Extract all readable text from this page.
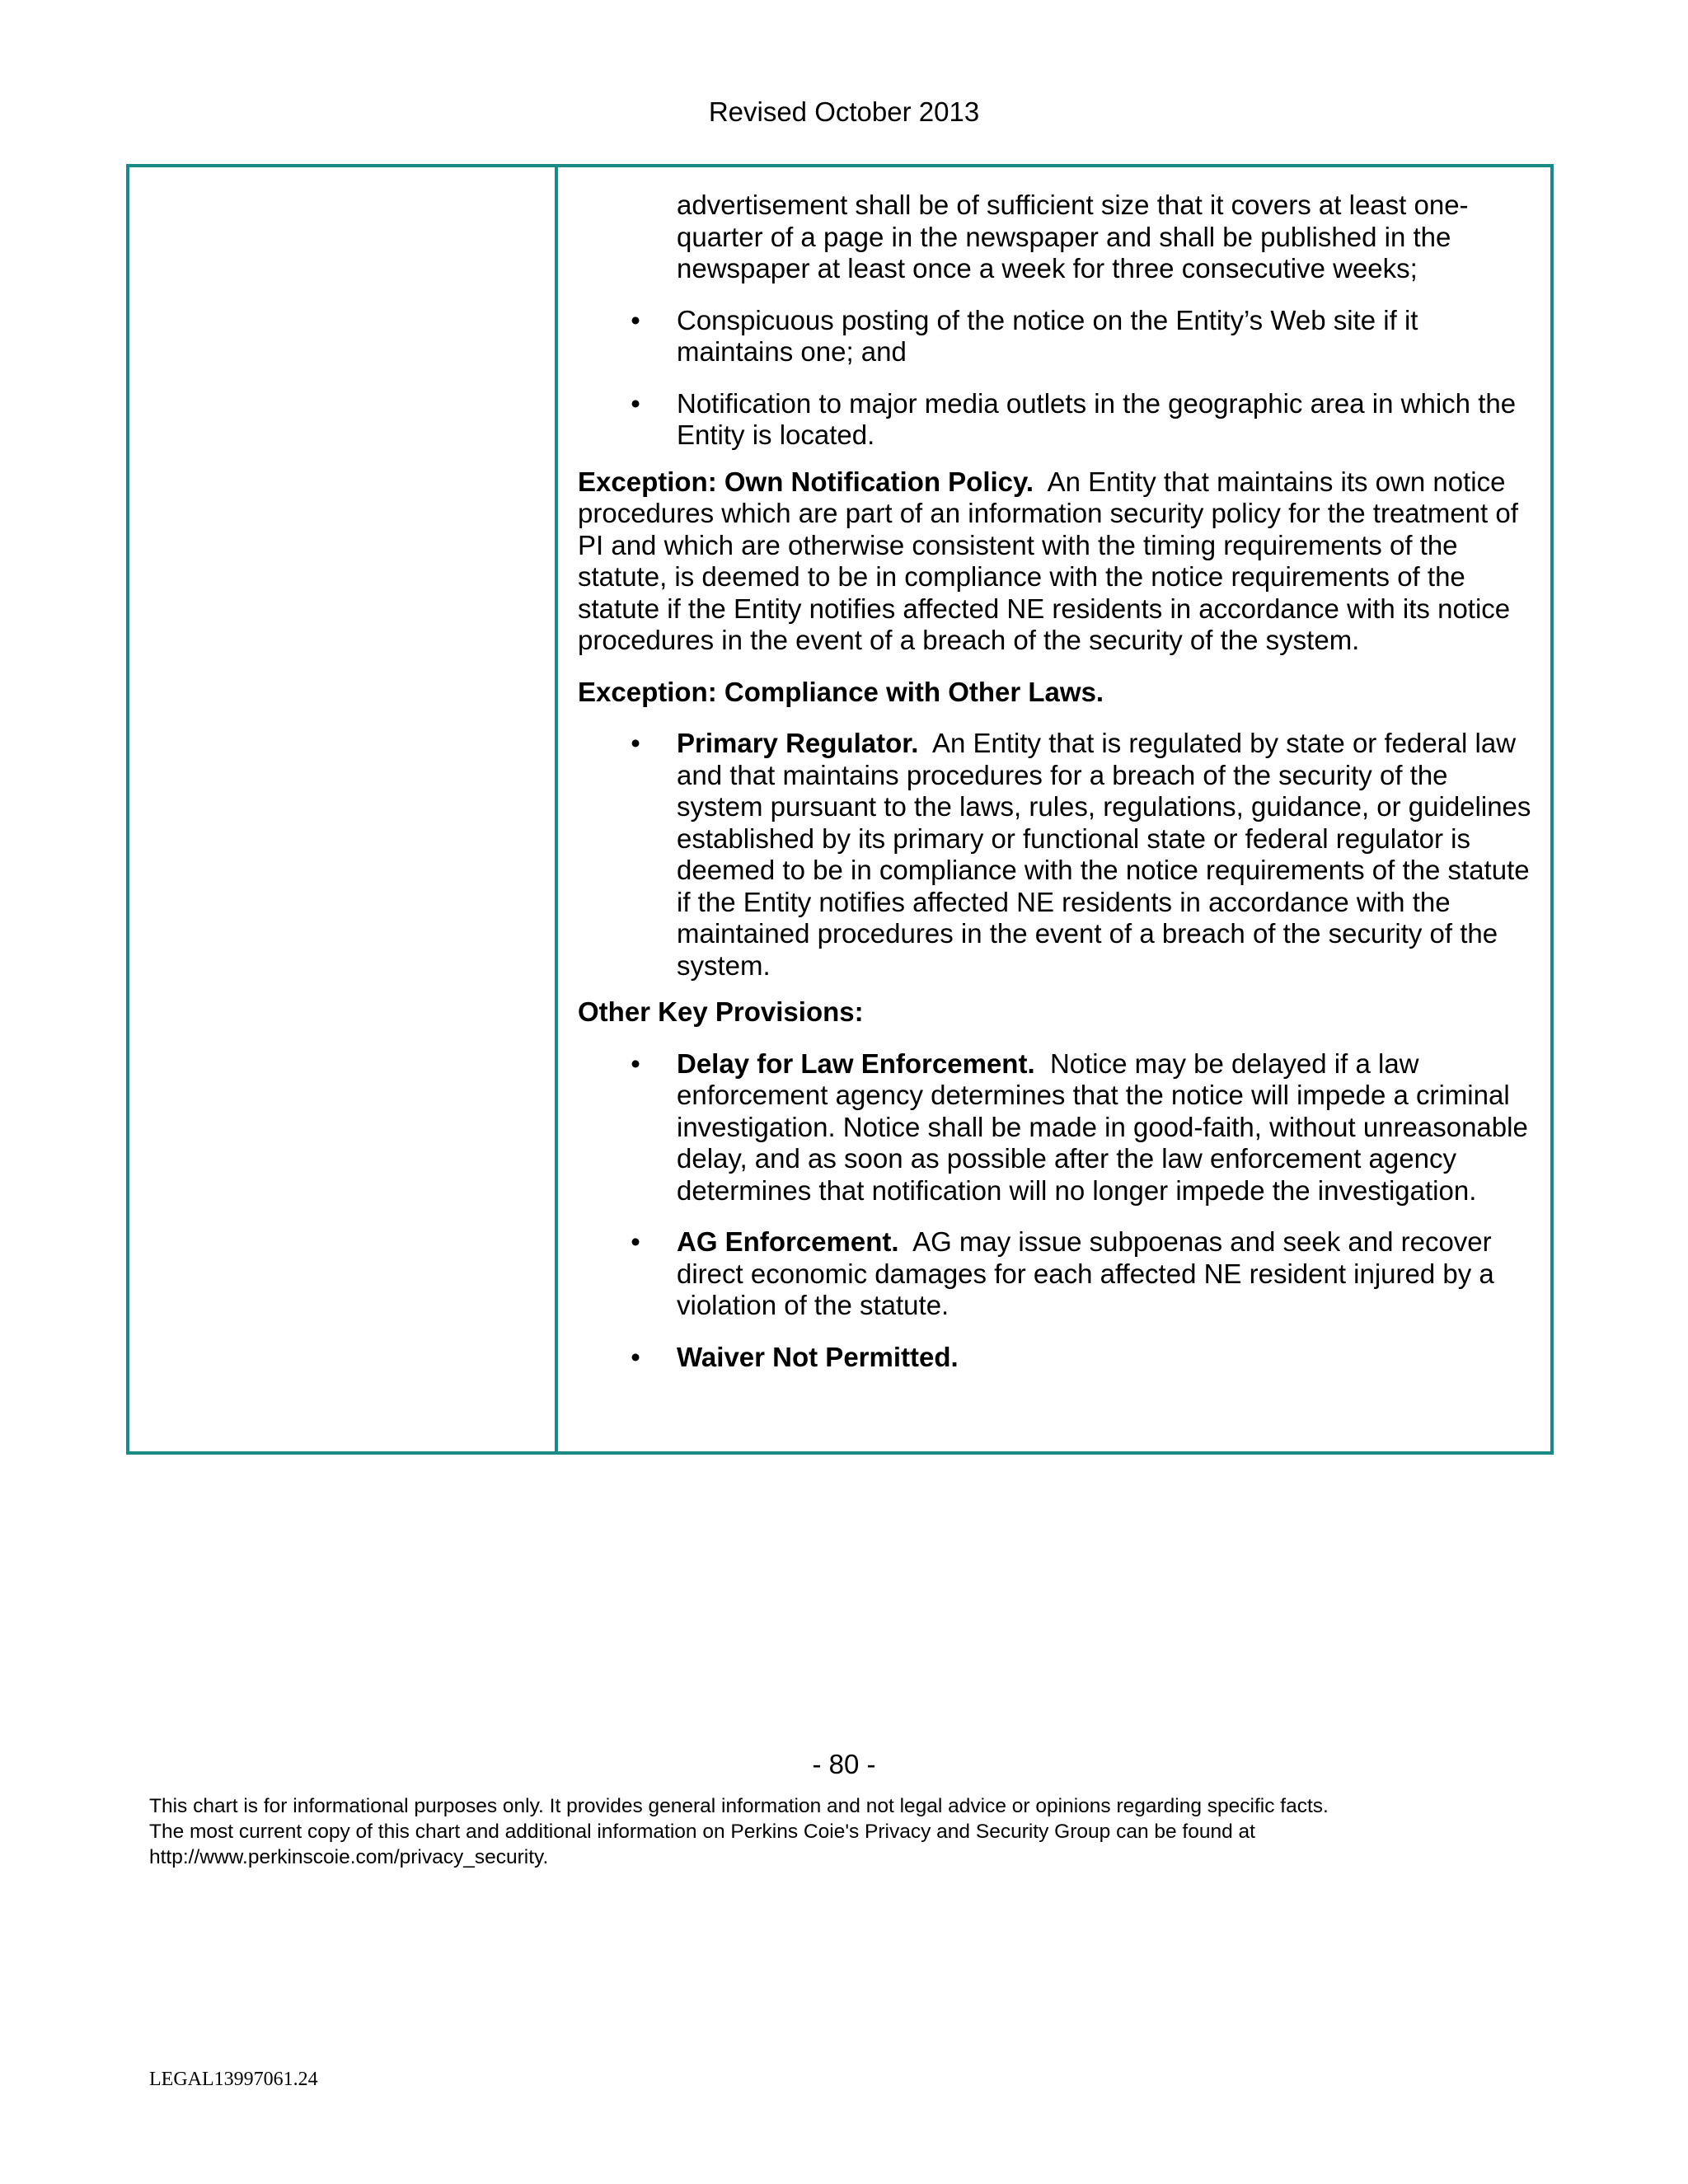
Revised October 2013

advertisement shall be of sufficient size that it covers at least one-quarter of a page in the newspaper and shall be published in the newspaper at least once a week for three consecutive weeks;

• Conspicuous posting of the notice on the Entity’s Web site if it maintains one; and
• Notification to major media outlets in the geographic area in which the Entity is located.

Exception: Own Notification Policy. An Entity that maintains its own notice procedures which are part of an information security policy for the treatment of PI and which are otherwise consistent with the timing requirements of the statute, is deemed to be in compliance with the notice requirements of the statute if the Entity notifies affected NE residents in accordance with its notice procedures in the event of a breach of the security of the system.

Exception: Compliance with Other Laws.

• Primary Regulator. An Entity that is regulated by state or federal law and that maintains procedures for a breach of the security of the system pursuant to the laws, rules, regulations, guidance, or guidelines established by its primary or functional state or federal regulator is deemed to be in compliance with the notice requirements of the statute if the Entity notifies affected NE residents in accordance with the maintained procedures in the event of a breach of the security of the system.

Other Key Provisions:

• Delay for Law Enforcement. Notice may be delayed if a law enforcement agency determines that the notice will impede a criminal investigation. Notice shall be made in good-faith, without unreasonable delay, and as soon as possible after the law enforcement agency determines that notification will no longer impede the investigation.
• AG Enforcement. AG may issue subpoenas and seek and recover direct economic damages for each affected NE resident injured by a violation of the statute.
• Waiver Not Permitted.
- 80 -

This chart is for informational purposes only. It provides general information and not legal advice or opinions regarding specific facts.

The most current copy of this chart and additional information on Perkins Coie's Privacy and Security Group can be found at

http://www.perkinscoie.com/privacy_security.

LEGAL13997061.24
